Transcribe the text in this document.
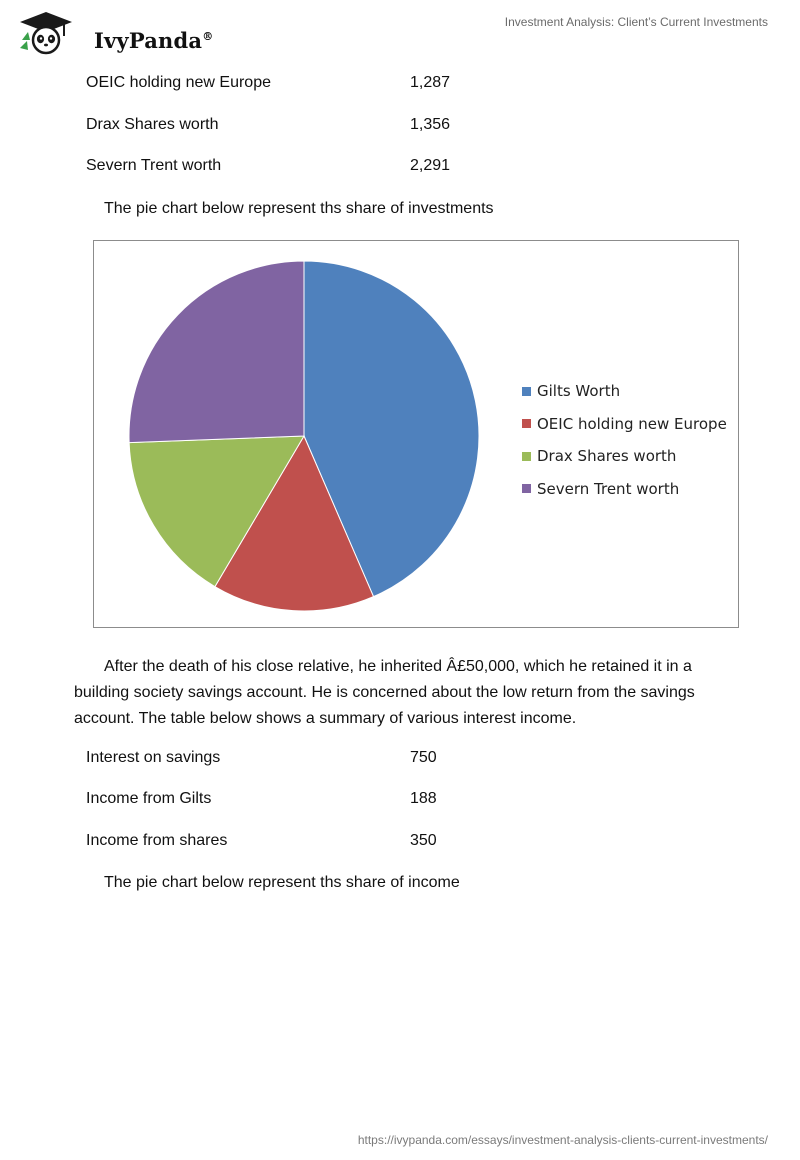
IvyPanda®
Investment Analysis: Client’s Current Investments
OEIC holding new Europe	1,287
Drax Shares worth	1,356
Severn Trent worth	2,291
The pie chart below represent ths share of investments
Gilts Worth
OEIC holding new Europe
Drax Shares worth
Severn Trent worth
After the death of his close relative, he inherited Â£50,000, which he retained it in a building society savings account. He is concerned about the low return from the savings account. The table below shows a summary of various interest income.
Interest on savings	750
Income from Gilts	188
Income from shares	350
The pie chart below represent ths share of income
https://ivypanda.com/essays/investment-analysis-clients-current-investments/
